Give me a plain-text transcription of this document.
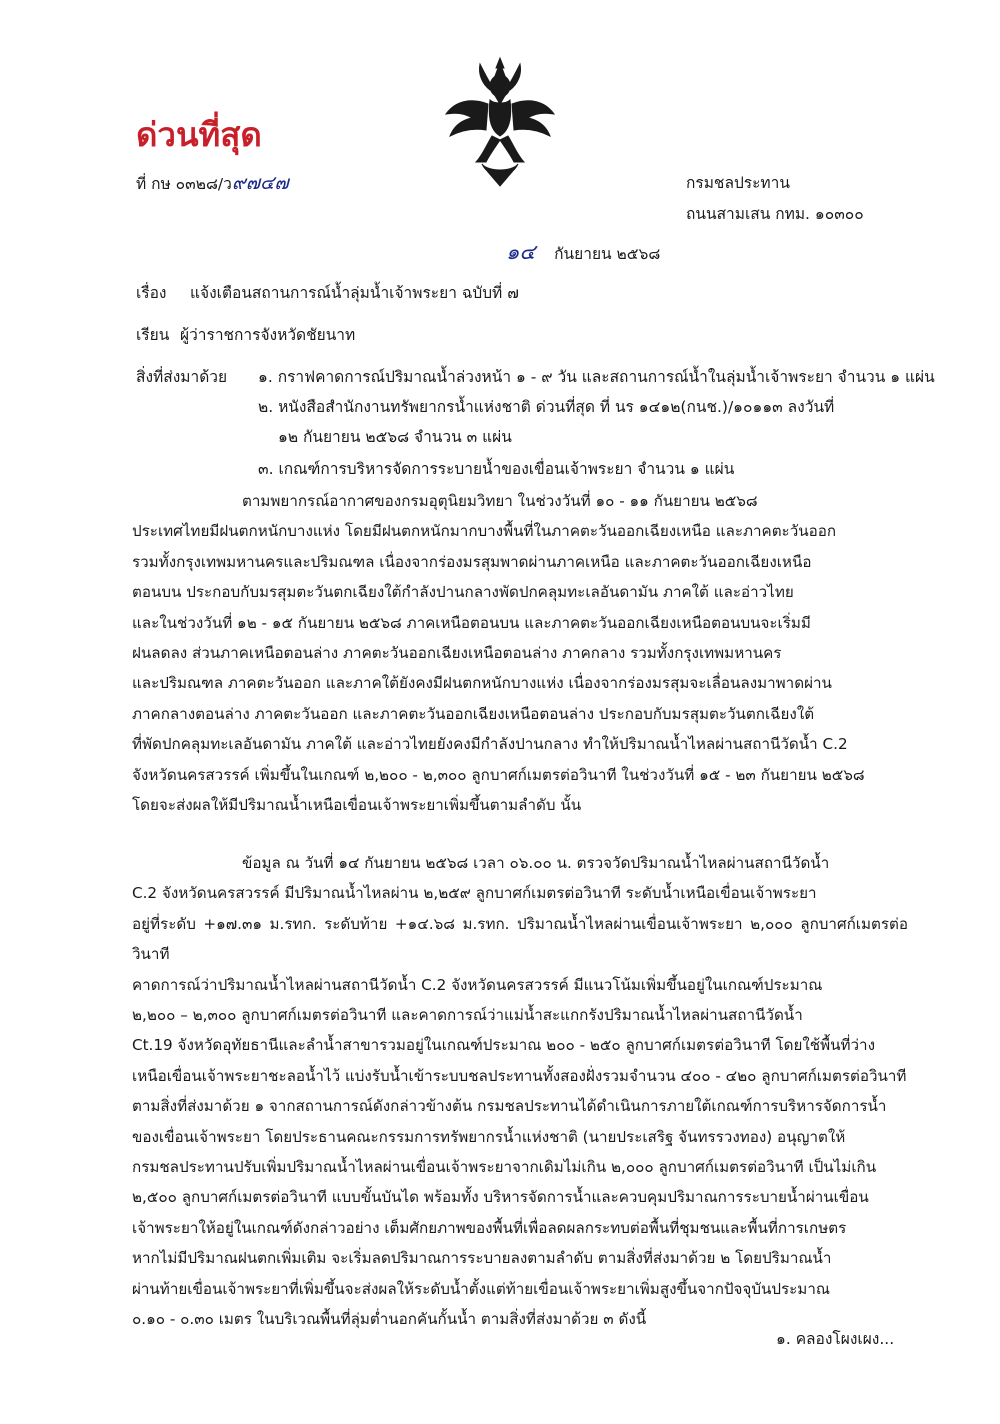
ด่วนที่สุด
ที่ กษ ๐๓๒๘/ว๙๗๔๗	กรมชลประทาน
ถนนสามเสน กทม. ๑๐๓๐๐
๑๔ กันยายน ๒๕๖๘
เรื่อง แจ้งเตือนสถานการณ์น้ำลุ่มน้ำเจ้าพระยา ฉบับที่ ๗
เรียน ผู้ว่าราชการจังหวัดชัยนาท
สิ่งที่ส่งมาด้วย ๑. กราฟคาดการณ์ปริมาณน้ำล่วงหน้า ๑ - ๙ วัน และสถานการณ์น้ำในลุ่มน้ำเจ้าพระยา จำนวน ๑ แผ่น
๒. หนังสือสำนักงานทรัพยากรน้ำแห่งชาติ ด่วนที่สุด ที่ นร ๑๔๑๒(กนช.)/๑๐๑๑๓ ลงวันที่
๑๒ กันยายน ๒๕๖๘ จำนวน ๓ แผ่น
๓. เกณฑ์การบริหารจัดการระบายน้ำของเขื่อนเจ้าพระยา จำนวน ๑ แผ่น

ตามพยากรณ์อากาศของกรมอุตุนิยมวิทยา ในช่วงวันที่ ๑๐ - ๑๑ กันยายน ๒๕๖๘

ประเทศไทยมีฝนตกหนักบางแห่ง โดยมีฝนตกหนักมากบางพื้นที่ในภาคตะวันออกเฉียงเหนือ และภาคตะวันออก

รวมทั้งกรุงเทพมหานครและปริมณฑล เนื่องจากร่องมรสุมพาดผ่านภาคเหนือ และภาคตะวันออกเฉียงเหนือ

ตอนบน ประกอบกับมรสุมตะวันตกเฉียงใต้กำลังปานกลางพัดปกคลุมทะเลอันดามัน ภาคใต้ และอ่าวไทย

และในช่วงวันที่ ๑๒ - ๑๕ กันยายน ๒๕๖๘ ภาคเหนือตอนบน และภาคตะวันออกเฉียงเหนือตอนบนจะเริ่มมี

ฝนลดลง ส่วนภาคเหนือตอนล่าง ภาคตะวันออกเฉียงเหนือตอนล่าง ภาคกลาง รวมทั้งกรุงเทพมหานคร

และปริมณฑล ภาคตะวันออก และภาคใต้ยังคงมีฝนตกหนักบางแห่ง เนื่องจากร่องมรสุมจะเลื่อนลงมาพาดผ่าน

ภาคกลางตอนล่าง ภาคตะวันออก และภาคตะวันออกเฉียงเหนือตอนล่าง ประกอบกับมรสุมตะวันตกเฉียงใต้

ที่พัดปกคลุมทะเลอันดามัน ภาคใต้ และอ่าวไทยยังคงมีกำลังปานกลาง ทำให้ปริมาณน้ำไหลผ่านสถานีวัดน้ำ C.2

จังหวัดนครสวรรค์ เพิ่มขึ้นในเกณฑ์ ๒,๒๐๐ - ๒,๓๐๐ ลูกบาศก์เมตรต่อวินาที ในช่วงวันที่ ๑๕ - ๒๓ กันยายน ๒๕๖๘

โดยจะส่งผลให้มีปริมาณน้ำเหนือเขื่อนเจ้าพระยาเพิ่มขึ้นตามลำดับ นั้น

ข้อมูล ณ วันที่ ๑๔ กันยายน ๒๕๖๘ เวลา ๐๖.๐๐ น. ตรวจวัดปริมาณน้ำไหลผ่านสถานีวัดน้ำ

C.2 จังหวัดนครสวรรค์ มีปริมาณน้ำไหลผ่าน ๒,๒๕๙ ลูกบาศก์เมตรต่อวินาที ระดับน้ำเหนือเขื่อนเจ้าพระยา

อยู่ที่ระดับ +๑๗.๓๑ ม.รทก. ระดับท้าย +๑๔.๖๘ ม.รทก. ปริมาณน้ำไหลผ่านเขื่อนเจ้าพระยา ๒,๐๐๐ ลูกบาศก์เมตรต่อวินาที

คาดการณ์ว่าปริมาณน้ำไหลผ่านสถานีวัดน้ำ C.2 จังหวัดนครสวรรค์ มีแนวโน้มเพิ่มขึ้นอยู่ในเกณฑ์ประมาณ

๒,๒๐๐ – ๒,๓๐๐ ลูกบาศก์เมตรต่อวินาที และคาดการณ์ว่าแม่น้ำสะแกกรังปริมาณน้ำไหลผ่านสถานีวัดน้ำ

Ct.19 จังหวัดอุทัยธานีและลำน้ำสาขารวมอยู่ในเกณฑ์ประมาณ ๒๐๐ - ๒๕๐ ลูกบาศก์เมตรต่อวินาที โดยใช้พื้นที่ว่าง

เหนือเขื่อนเจ้าพระยาชะลอน้ำไว้ แบ่งรับน้ำเข้าระบบชลประทานทั้งสองฝั่งรวมจำนวน ๔๐๐ - ๔๒๐ ลูกบาศก์เมตรต่อวินาที

ตามสิ่งที่ส่งมาด้วย ๑ จากสถานการณ์ดังกล่าวข้างต้น กรมชลประทานได้ดำเนินการภายใต้เกณฑ์การบริหารจัดการน้ำ

ของเขื่อนเจ้าพระยา โดยประธานคณะกรรมการทรัพยากรน้ำแห่งชาติ (นายประเสริฐ จันทรรวงทอง) อนุญาตให้

กรมชลประทานปรับเพิ่มปริมาณน้ำไหลผ่านเขื่อนเจ้าพระยาจากเดิมไม่เกิน ๒,๐๐๐ ลูกบาศก์เมตรต่อวินาที เป็นไม่เกิน

๒,๕๐๐ ลูกบาศก์เมตรต่อวินาที แบบขั้นบันได พร้อมทั้ง บริหารจัดการน้ำและควบคุมปริมาณการระบายน้ำผ่านเขื่อน

เจ้าพระยาให้อยู่ในเกณฑ์ดังกล่าวอย่าง เต็มศักยภาพของพื้นที่เพื่อลดผลกระทบต่อพื้นที่ชุมชนและพื้นที่การเกษตร

หากไม่มีปริมาณฝนตกเพิ่มเติม จะเริ่มลดปริมาณการระบายลงตามลำดับ ตามสิ่งที่ส่งมาด้วย ๒ โดยปริมาณน้ำ

ผ่านท้ายเขื่อนเจ้าพระยาที่เพิ่มขึ้นจะส่งผลให้ระดับน้ำตั้งแต่ท้ายเขื่อนเจ้าพระยาเพิ่มสูงขึ้นจากปัจจุบันประมาณ

๐.๑๐ - ๐.๓๐ เมตร ในบริเวณพื้นที่ลุ่มต่ำนอกคันกั้นน้ำ ตามสิ่งที่ส่งมาด้วย ๓ ดังนี้

๑. คลองโผงเผง...
